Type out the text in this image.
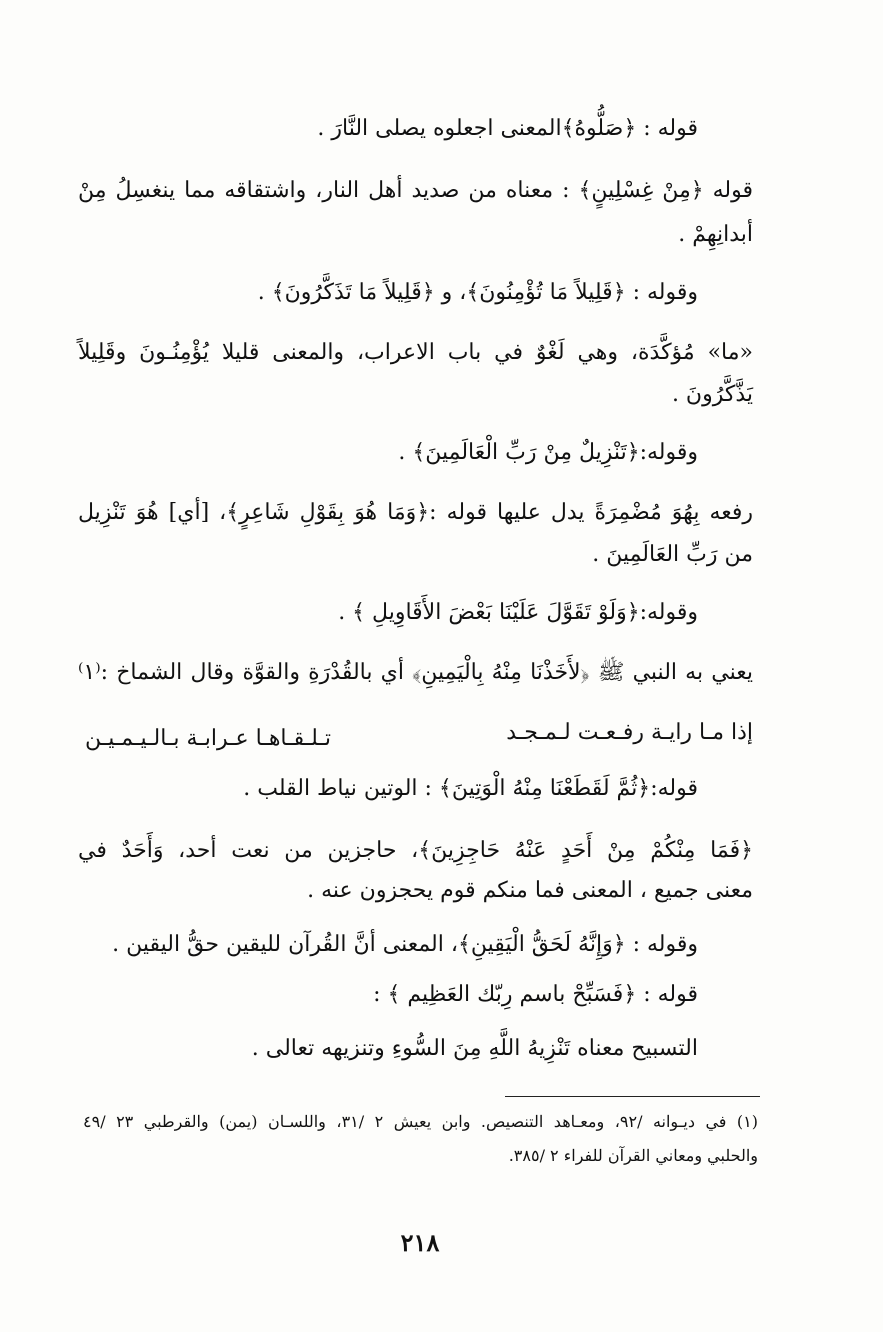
قوله : ﴿صَلُّوهُ﴾المعنى اجعلوه يصلى النَّارَ .
قوله ﴿مِنْ غِسْلِينٍ﴾ : معناه من صديد أهل النار، واشتقاقه مما ينغسِلُ مِنْ
أبدانِهِمْ .
وقوله : ﴿قَلِيلاً مَا تُؤْمِنُونَ﴾، و ﴿قَلِيلاً مَا تَذَكَّرُونَ﴾ .
«ما» مُؤكَّدَة، وهي لَغْوٌ في باب الاعراب، والمعنى قليلا يُؤْمِنُـونَ وقَلِيلاً
يَذَّكَّرُونَ .
وقوله:﴿تَنْزِيلٌ مِنْ رَبِّ الْعَالَمِينَ﴾ .
رفعه بِهُوَ مُضْمِرَةً يدل عليها قوله :﴿وَمَا هُوَ بِقَوْلِ شَاعِرٍ﴾، [أي] هُوَ تَنْزِيل
من رَبِّ العَالَمِينَ .
وقوله:﴿وَلَوْ تَقَوَّلَ عَلَيْنَا بَعْضَ الأَقَاوِيلِ ﴾ .
يعني به النبي ﷺ ﴿لأَخَذْنَا مِنْهُ بِالْيَمِينِ﴾ أي بالقُدْرَةِ والقوَّة وقال الشماخ :⁽١⁾
إذا مـا رايـة رفـعـت لـمـجـد
تـلـقـاهـا عـرابـة بـالـيـمـيـن
قوله:﴿ثُمَّ لَقَطَعْنَا مِنْهُ الْوَتِينَ﴾ : الوتين نياط القلب .
﴿فَمَا مِنْكُمْ مِنْ أَحَدٍ عَنْهُ حَاجِزِينَ﴾، حاجزين من نعت أحد، وَأَحَدٌ في
معنى جميع ، المعنى فما منكم قوم يحجزون عنه .
وقوله : ﴿وَإِنَّهُ لَحَقُّ الْيَقِينِ﴾، المعنى أنَّ القُرآن لليقين حقُّ اليقين .
قوله : ﴿فَسَبِّحْ باسم رِبّك العَظِيم ﴾ :
التسبيح معناه تَنْزِيهُ اللَّهِ مِنَ السُّوءِ وتنزيهه تعالى .
(١) في ديـوانه /٩٢، ومعـاهد التنصيص. وابن يعيش ٢ /٣١، واللسـان (يمن) والقرطبي ٢٣ /٤٩
والحلبي ومعاني القرآن للفراء ٢ /٣٨٥.
٢١٨
